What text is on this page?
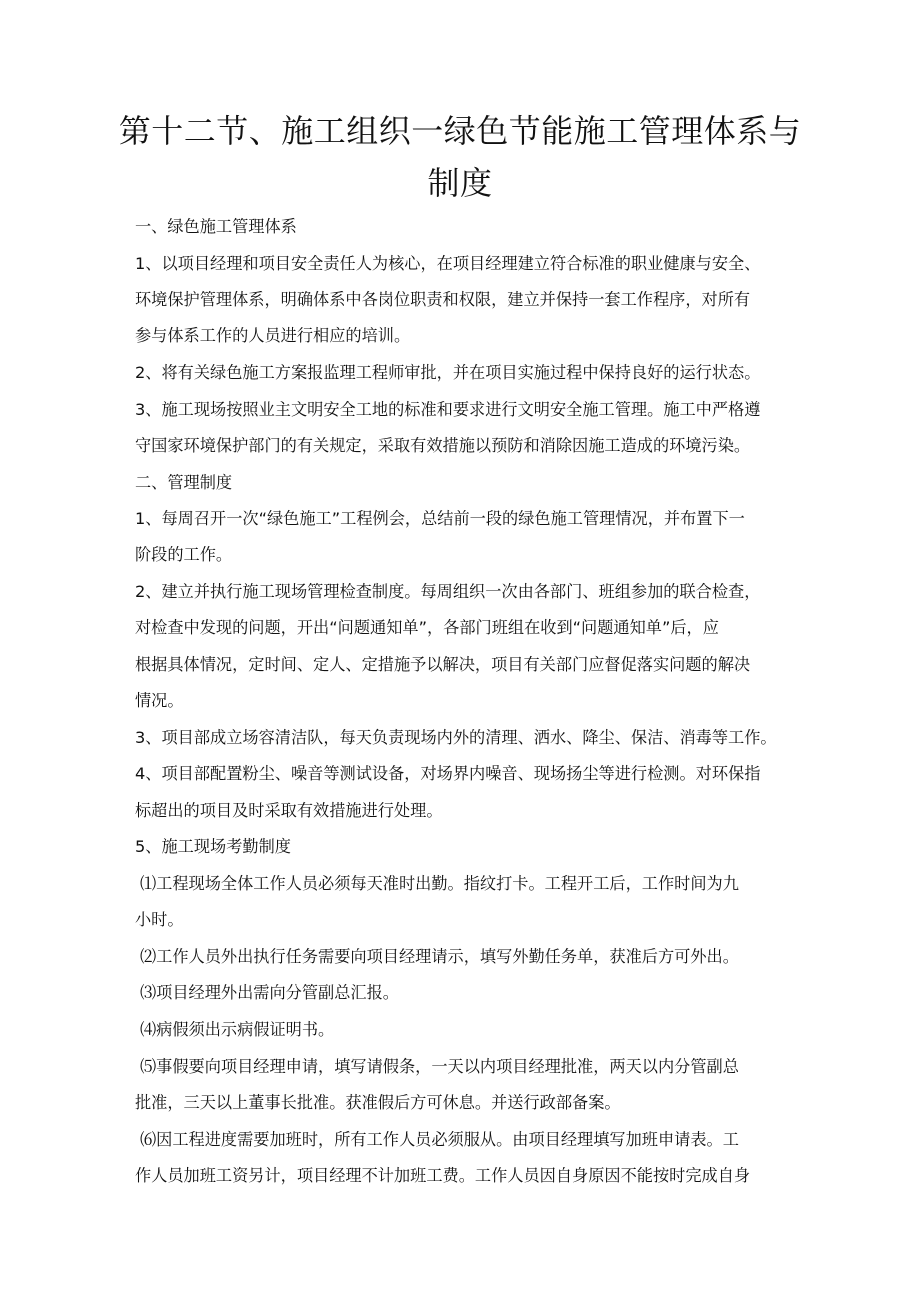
第十二节、施工组织一绿色节能施工管理体系与
制度
一、绿色施工管理体系
1、以项目经理和项目安全责任人为核心，在项目经理建立符合标准的职业健康与安全、
环境保护管理体系，明确体系中各岗位职责和权限，建立并保持一套工作程序，对所有
参与体系工作的人员进行相应的培训。
2、将有关绿色施工方案报监理工程师审批，并在项目实施过程中保持良好的运行状态。
3、施工现场按照业主文明安全工地的标准和要求进行文明安全施工管理。施工中严格遵
守国家环境保护部门的有关规定，采取有效措施以预防和消除因施工造成的环境污染。
二、管理制度
1、每周召开一次“绿色施工”工程例会，总结前一段的绿色施工管理情况，并布置下一
阶段的工作。
2、建立并执行施工现场管理检查制度。每周组织一次由各部门、班组参加的联合检查，
对检查中发现的问题，开出“问题通知单”，各部门班组在收到“问题通知单”后，应
根据具体情况，定时间、定人、定措施予以解决，项目有关部门应督促落实问题的解决
情况。
3、项目部成立场容清洁队，每天负责现场内外的清理、洒水、降尘、保洁、消毒等工作。
4、项目部配置粉尘、噪音等测试设备，对场界内噪音、现场扬尘等进行检测。对环保指
标超出的项目及时采取有效措施进行处理。
5、施工现场考勤制度
⑴工程现场全体工作人员必须每天准时出勤。指纹打卡。工程开工后，工作时间为九
小时。
⑵工作人员外出执行任务需要向项目经理请示，填写外勤任务单，获准后方可外出。
⑶项目经理外出需向分管副总汇报。
⑷病假须出示病假证明书。
⑸事假要向项目经理申请，填写请假条，一天以内项目经理批准，两天以内分管副总
批准，三天以上董事长批准。获准假后方可休息。并送行政部备案。
⑹因工程进度需要加班时，所有工作人员必须服从。由项目经理填写加班申请表。工
作人员加班工资另计，项目经理不计加班工费。工作人员因自身原因不能按时完成自身
